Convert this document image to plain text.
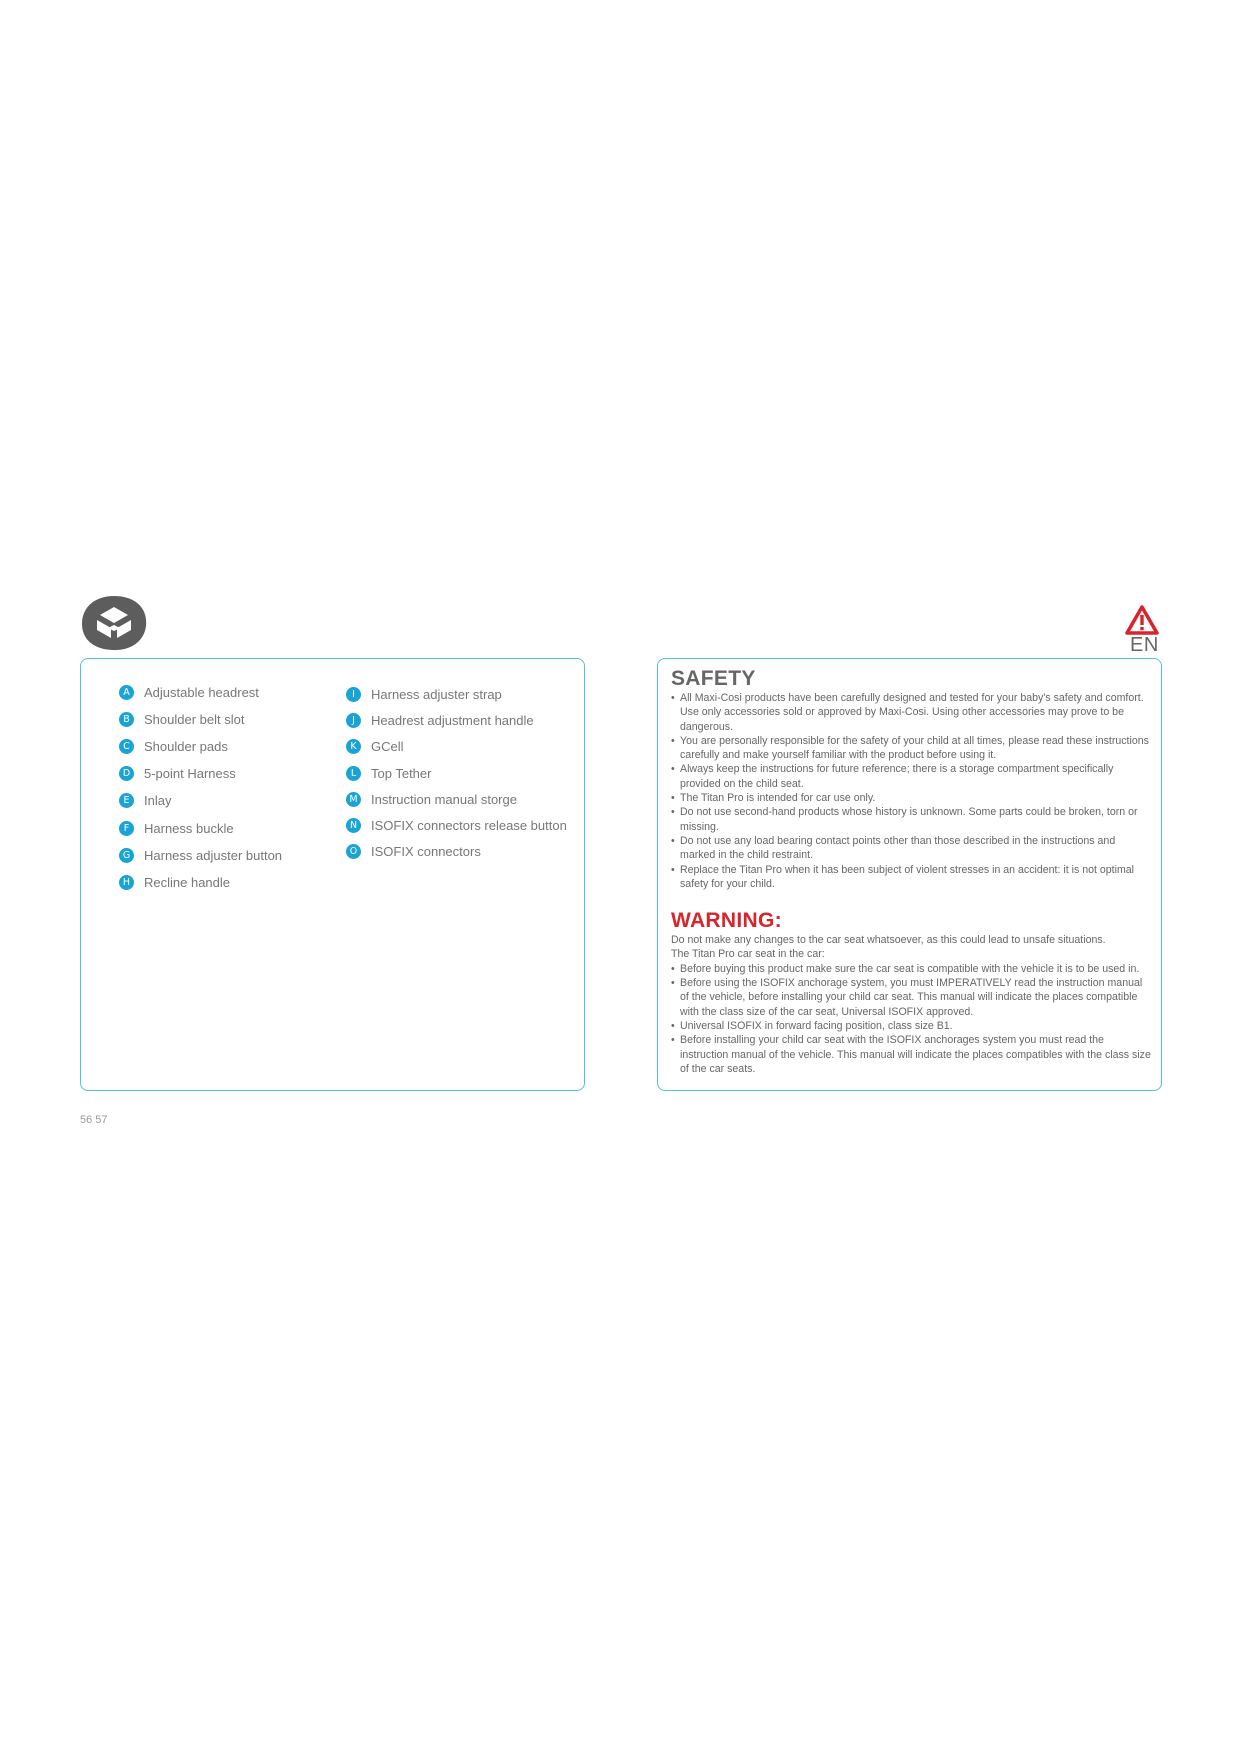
EN
A	Adjustable headrest
B	Shoulder belt slot
C	Shoulder pads
D 5-point Harness
E	Inlay
F	Harness buckle
G Harness adjuster button
H	Recline handle
I	Harness adjuster strap
J	Headrest adjustment handle
K	GCell
L	Top Tether
M Instruction manual storge
N	ISOFIX connectors release button
O ISOFIX connectors
SAFETY
• All Maxi-Cosi products have been carefully designed and tested for your baby's safety and comfort. Use only accessories sold or approved by Maxi-Cosi. Using other accessories may prove to be dangerous.
• You are personally responsible for the safety of your child at all times, please read these instructions carefully and make yourself familiar with the product before using it.
• Always keep the instructions for future reference; there is a storage compartment specifically provided on the child seat.
• The Titan Pro is intended for car use only.
• Do not use second-hand products whose history is unknown. Some parts could be broken, torn or missing.
• Do not use any load bearing contact points other than those described in the instructions and marked in the child restraint.
• Replace the Titan Pro when it has been subject of violent stresses in an accident: it is not optimal safety for your child.
WARNING:

Do not make any changes to the car seat whatsoever, as this could lead to unsafe situations.

The Titan Pro car seat in the car:

• Before buying this product make sure the car seat is compatible with the vehicle it is to be used in.
• Before using the ISOFIX anchorage system, you must IMPERATIVELY read the instruction manual of the vehicle, before installing your child car seat. This manual will indicate the places compatible with the class size of the car seat, Universal ISOFIX approved.
• Universal ISOFIX in forward facing position, class size B1.
• Before installing your child car seat with the ISOFIX anchorages system you must read the instruction manual of the vehicle. This manual will indicate the places compatibles with the class size of the car seats.
56 57
